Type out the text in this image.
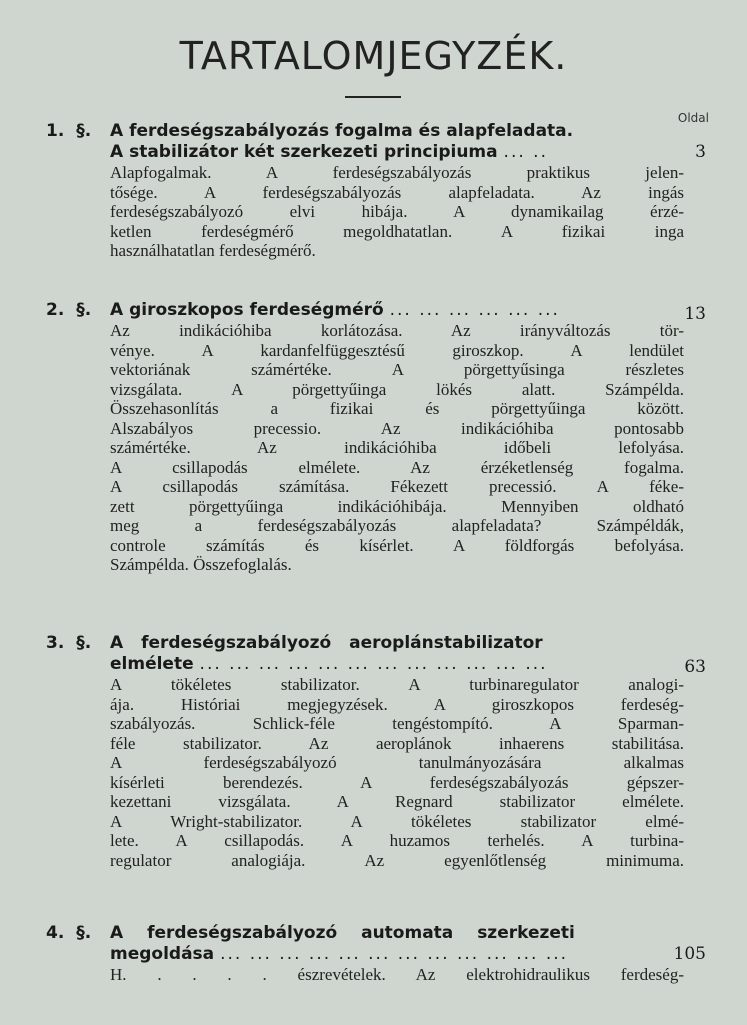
TARTALOMJEGYZÉK.
Oldal
1. §. A ferdeségszabályozás fogalma és alapfeladata.
A stabilizátor két szerkezeti principiuma ... ..	3
Alapfogalmak. A ferdeségszabályozás praktikus jelen-
tősége. A ferdeségszabályozás alapfeladata. Az ingás
ferdeségszabályozó elvi hibája. A dynamikailag érzé-
ketlen ferdeségmérő megoldhatatlan. A fizikai inga
használhatatlan ferdeségmérő.
2. §. A giroszkopos ferdeségmérő ... ... ... ... ... ...	13
Az indikációhiba korlátozása. Az irányváltozás tör-
vénye. A kardanfelfüggesztésű giroszkop. A lendület
vektoriának számértéke. A pörgettyűsinga részletes
vizsgálata. A pörgettyűinga lökés alatt. Számpélda.
Összehasonlítás a fizikai és pörgettyűinga között.
Alszabályos precessio. Az indikációhiba pontosabb
számértéke. Az indikációhiba időbeli lefolyása.
A csillapodás elmélete. Az érzéketlenség fogalma.
A csillapodás számítása. Fékezett precessió. A féke-
zett pörgettyűinga indikációhibája. Mennyiben oldható
meg a ferdeségszabályozás alapfeladata? Számpéldák,
controle számítás és kísérlet. A földforgás befolyása.
Számpélda. Összefoglalás.
3. §. A ferdeségszabályozó aeroplánstabilizator
elmélete ... ... ... ... ... ... ... ... ... ... ... ...	63
A tökéletes stabilizator. A turbinaregulator analogi-
ája. Históriai megjegyzések. A giroszkopos ferdeség-
szabályozás. Schlick-féle tengéstompító. A Sparman-
féle stabilizator. Az aeroplánok inhaerens stabilitása.
A ferdeségszabályozó tanulmányozására alkalmas
kísérleti berendezés. A ferdeségszabályozás gépszer-
kezettani vizsgálata. A Regnard stabilizator elmélete.
A Wright-stabilizator. A tökéletes stabilizator elmé-
lete. A csillapodás. A huzamos terhelés. A turbina-
regulator analogiája. Az egyenlőtlenség minimuma.
4. §. A ferdeségszabályozó automata szerkezeti
megoldása ... ... ... ... ... ... ... ... ... ... ... ...	105
H. . . . . észrevételek. Az elektrohidraulikus ferdeség-
